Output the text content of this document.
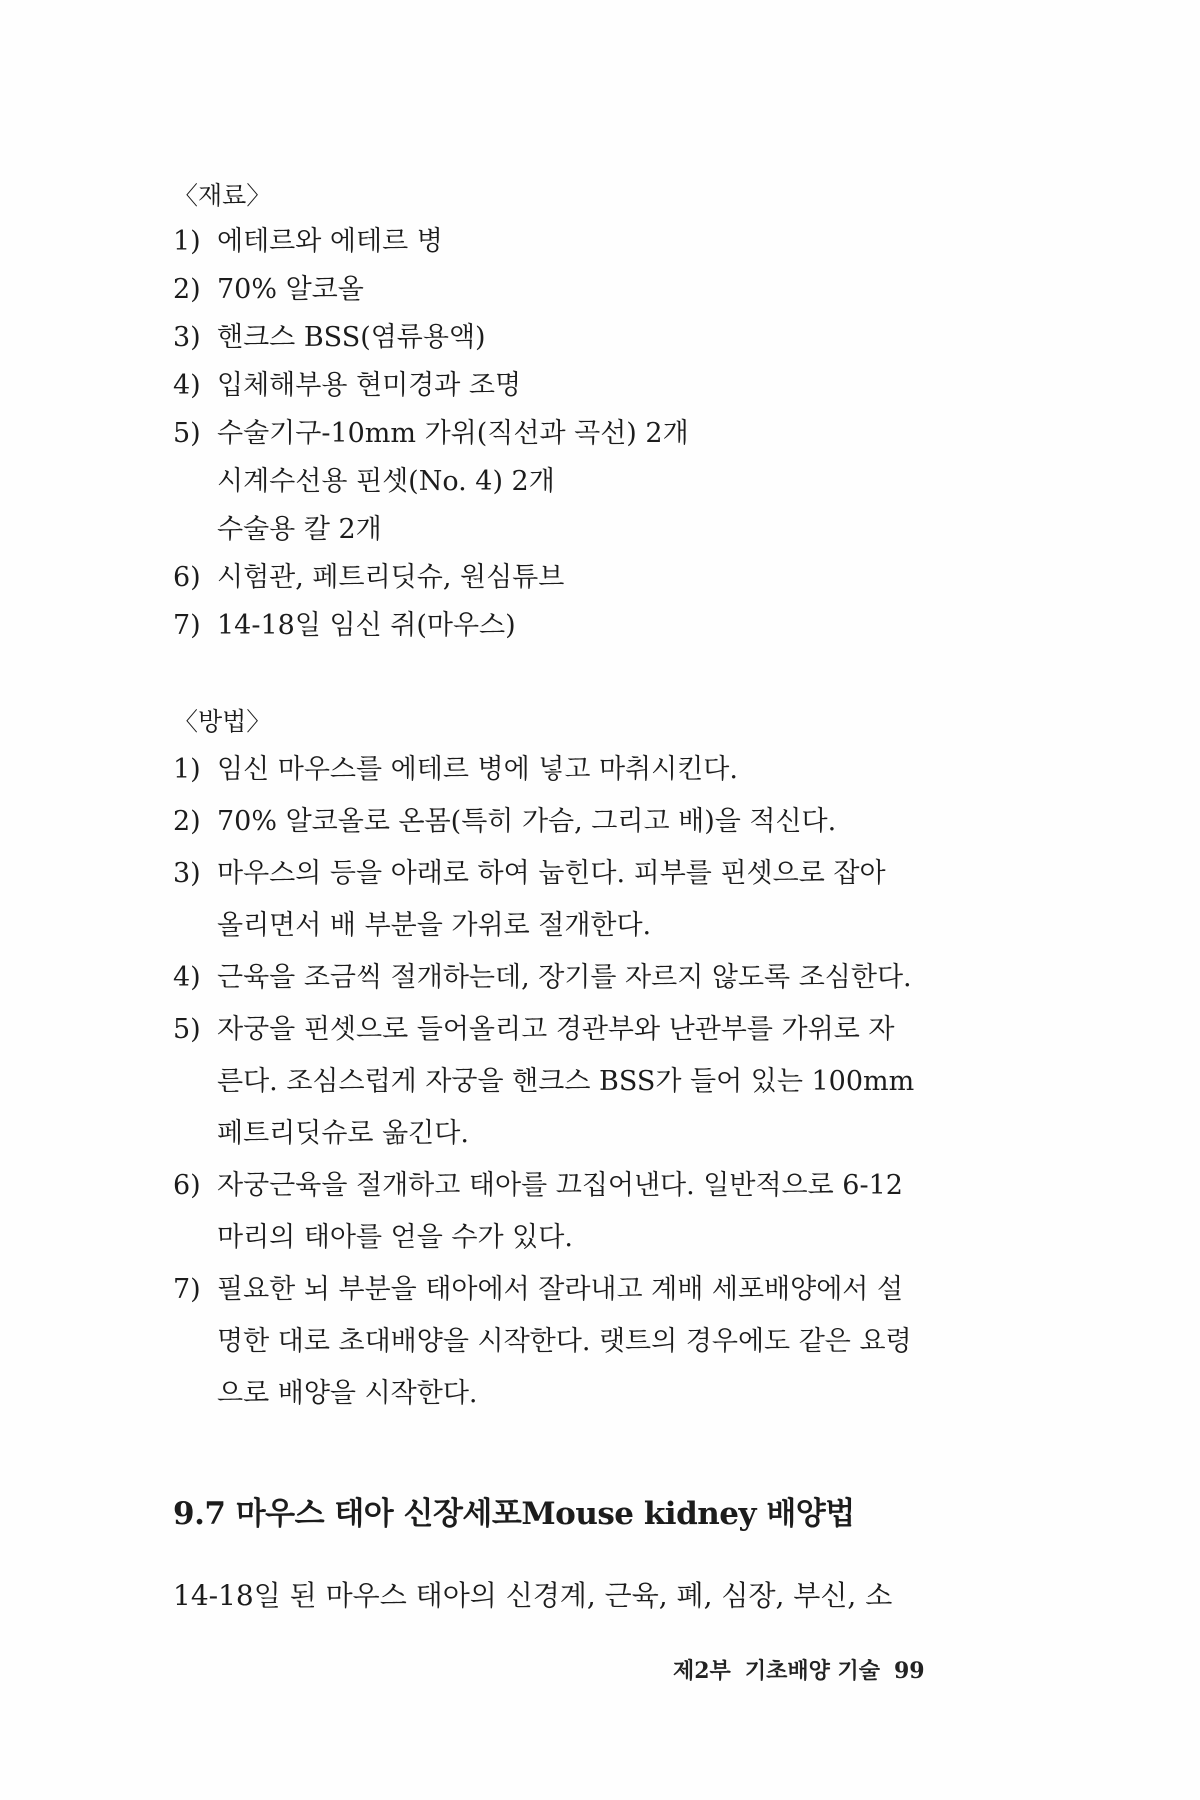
〈재료〉
1) 에테르와 에테르 병
2) 70% 알코올
3) 핸크스 BSS(염류용액)
4) 입체해부용 현미경과 조명
5) 수술기구-10mm 가위(직선과 곡선) 2개
시계수선용 핀셋(No. 4) 2개
수술용 칼 2개
6) 시험관, 페트리딧슈, 원심튜브
7) 14-18일 임신 쥐(마우스)
〈방법〉
1) 임신 마우스를 에테르 병에 넣고 마취시킨다.
2) 70% 알코올로 온몸(특히 가슴, 그리고 배)을 적신다.
3) 마우스의 등을 아래로 하여 눕힌다. 피부를 핀셋으로 잡아
올리면서 배 부분을 가위로 절개한다.
4) 근육을 조금씩 절개하는데, 장기를 자르지 않도록 조심한다.
5) 자궁을 핀셋으로 들어올리고 경관부와 난관부를 가위로 자
른다. 조심스럽게 자궁을 핸크스 BSS가 들어 있는 100mm
페트리딧슈로 옮긴다.
6) 자궁근육을 절개하고 태아를 끄집어낸다. 일반적으로 6-12
마리의 태아를 얻을 수가 있다.
7) 필요한 뇌 부분을 태아에서 잘라내고 계배 세포배양에서 설
명한 대로 초대배양을 시작한다. 랫트의 경우에도 같은 요령
으로 배양을 시작한다.
9.7 마우스 태아 신장세포Mouse kidney 배양법
14-18일 된 마우스 태아의 신경계, 근육, 폐, 심장, 부신, 소
제2부 기초배양 기술 99
